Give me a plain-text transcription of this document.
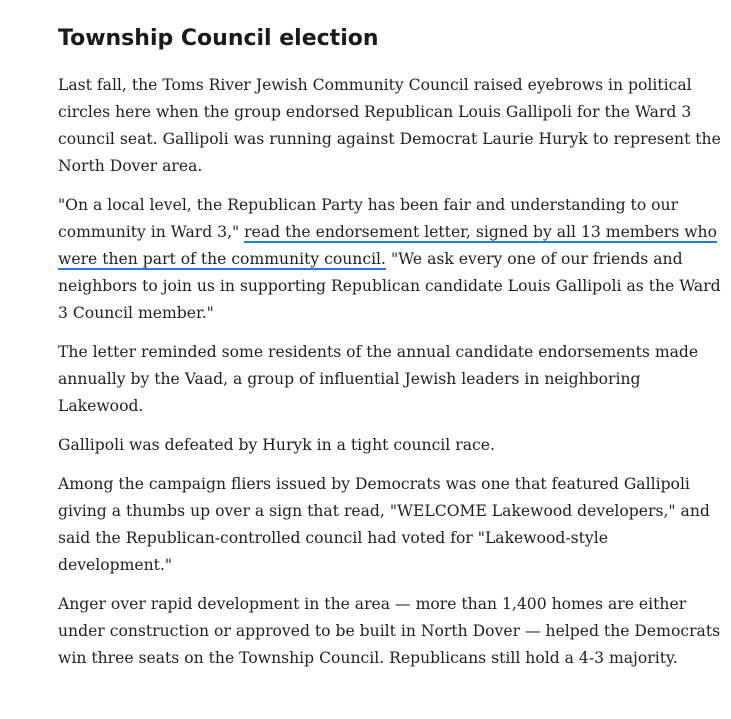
Township Council election

Last fall, the Toms River Jewish Community Council raised eyebrows in political circles here when the group endorsed Republican Louis Gallipoli for the Ward 3 council seat. Gallipoli was running against Democrat Laurie Huryk to represent the North Dover area.

"On a local level, the Republican Party has been fair and understanding to our community in Ward 3," read the endorsement letter, signed by all 13 members who were then part of the community council. "We ask every one of our friends and neighbors to join us in supporting Republican candidate Louis Gallipoli as the Ward 3 Council member."

The letter reminded some residents of the annual candidate endorsements made annually by the Vaad, a group of influential Jewish leaders in neighboring Lakewood.

Gallipoli was defeated by Huryk in a tight council race.

Among the campaign fliers issued by Democrats was one that featured Gallipoli giving a thumbs up over a sign that read, "WELCOME Lakewood developers," and said the Republican-controlled council had voted for "Lakewood-style development."

Anger over rapid development in the area — more than 1,400 homes are either under construction or approved to be built in North Dover — helped the Democrats win three seats on the Township Council. Republicans still hold a 4-3 majority.
